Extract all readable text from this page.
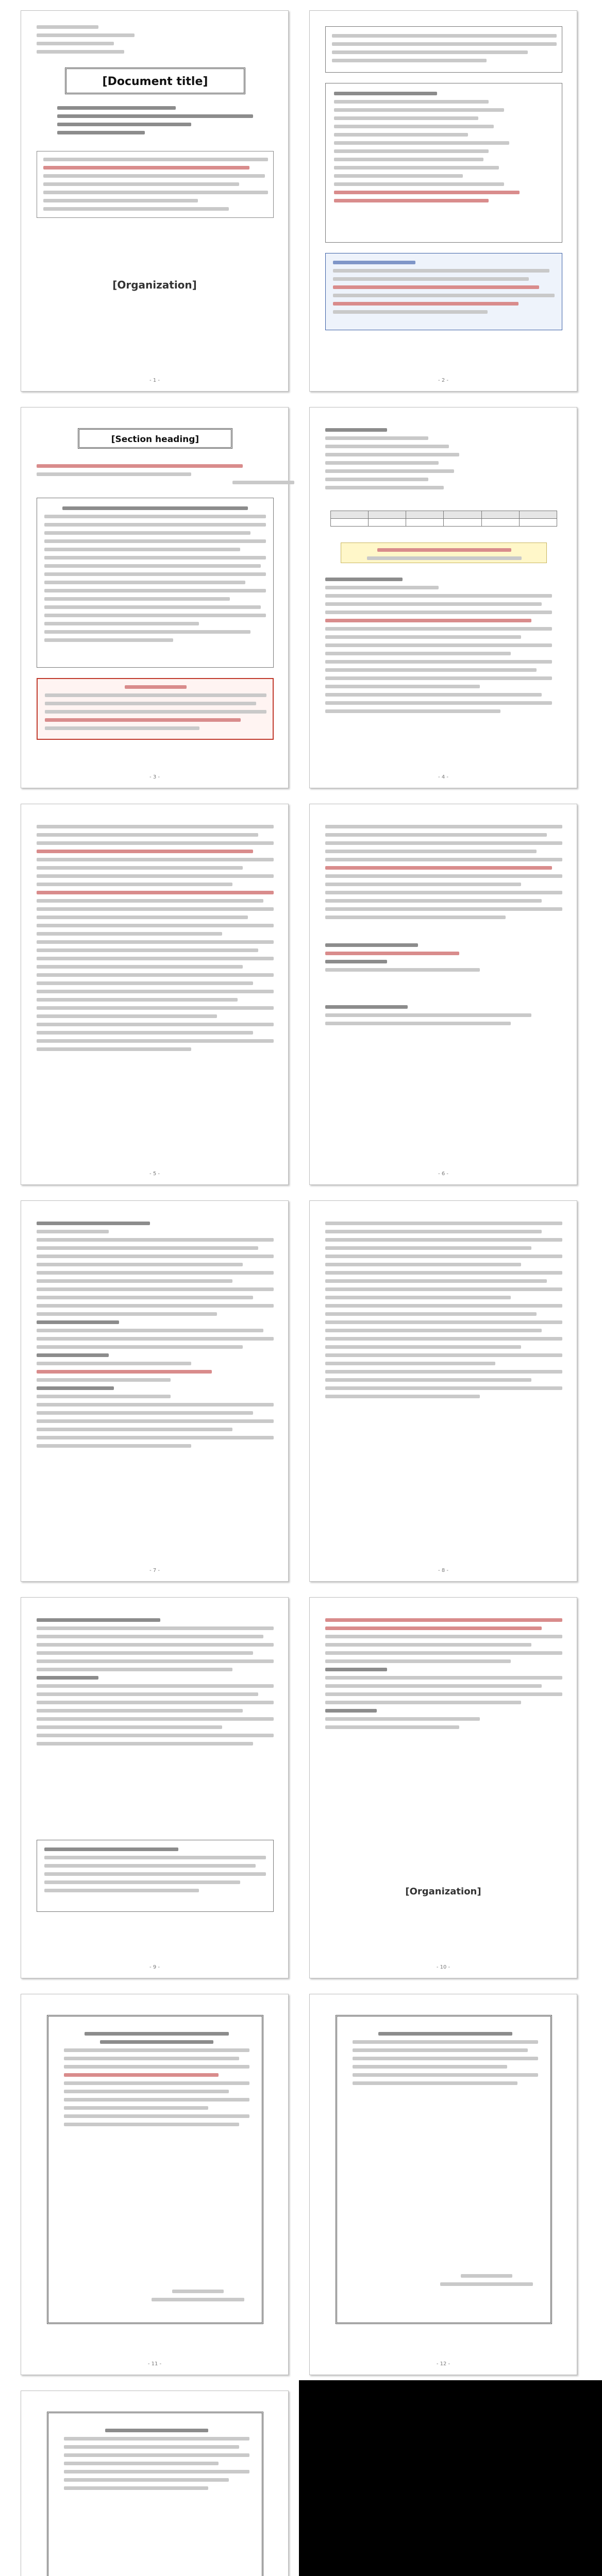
[Document title]
[Organization]
- 1 -	- 2 -
[Section heading]
- 3 -

						- 4 -
- 5 -	- 6 -
- 7 -	- 8 -
- 9 -
[Organization]
- 10 -
- 11 -	- 12 -
